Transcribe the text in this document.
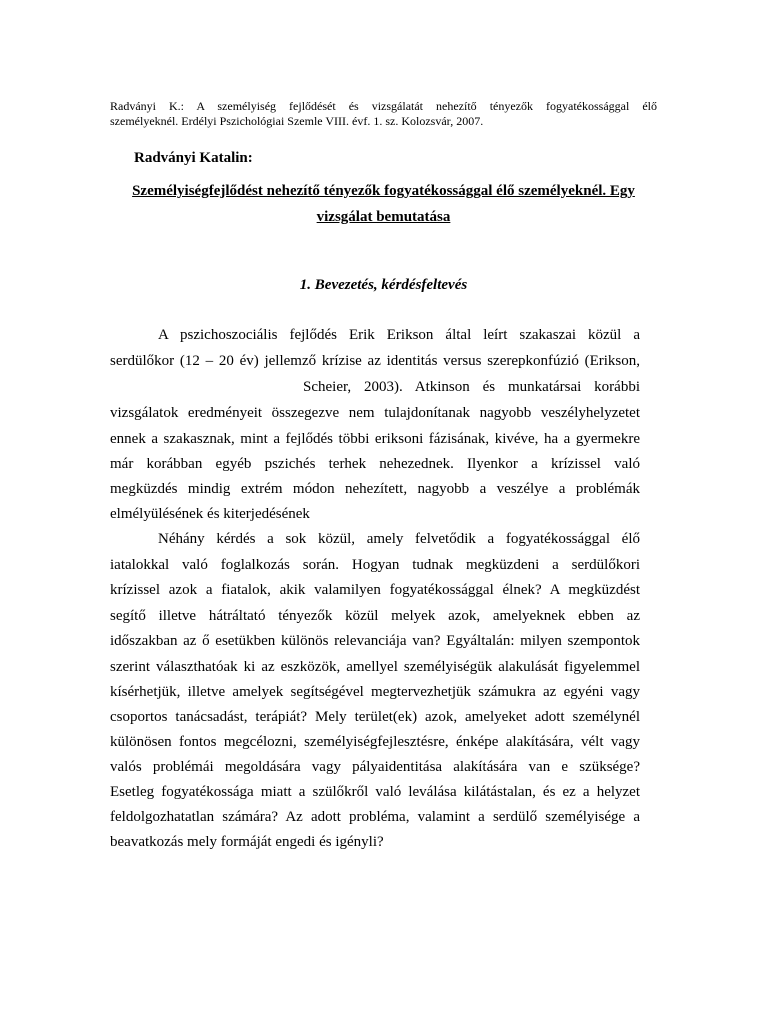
Radványi K.: A személyiség fejlődését és vizsgálatát nehezítő tényezők fogyatékossággal élő
személyeknél. Erdélyi Pszichológiai Szemle VIII. évf. 1. sz. Kolozsvár, 2007.
Radványi Katalin:
Személyiségfejlődést nehezítő tényezők fogyatékossággal élő személyeknél. Egy
vizsgálat bemutatása
1. Bevezetés, kérdésfeltevés
A pszichoszociális fejlődés Erik Erikson által leírt szakaszai közül a
serdülőkor (12 – 20 év) jellemző krízise az identitás versus szerepkonfúzió (Erikson,
Scheier, 2003). Atkinson és munkatársai korábbi
vizsgálatok eredményeit összegezve nem tulajdonítanak nagyobb veszélyhelyzetet
ennek a szakasznak, mint a fejlődés többi eriksoni fázisának, kivéve, ha a gyermekre
már korábban egyéb pszichés terhek nehezednek. Ilyenkor a krízissel való
megküzdés mindig extrém módon nehezített, nagyobb a veszélye a problémák
elmélyülésének és kiterjedésének
Néhány kérdés a sok közül, amely felvetődik a fogyatékossággal élő
iatalokkal való foglalkozás során. Hogyan tudnak megküzdeni a serdülőkori
krízissel azok a fiatalok, akik valamilyen fogyatékossággal élnek? A megküzdést
segítő illetve hátráltató tényezők közül melyek azok, amelyeknek ebben az
időszakban az ő esetükben különös relevanciája van? Egyáltalán: milyen szempontok
szerint választhatóak ki az eszközök, amellyel személyiségük alakulását figyelemmel
kísérhetjük, illetve amelyek segítségével megtervezhetjük számukra az egyéni vagy
csoportos tanácsadást, terápiát? Mely terület(ek) azok, amelyeket adott személynél
különösen fontos megcélozni, személyiségfejlesztésre, énképe alakítására, vélt vagy
valós problémái megoldására vagy pályaidentitása alakítására van e szüksége?
Esetleg fogyatékossága miatt a szülőkről való leválása kilátástalan, és ez a helyzet
feldolgozhatatlan számára? Az adott probléma, valamint a serdülő személyisége a
beavatkozás mely formáját engedi és igényli?
